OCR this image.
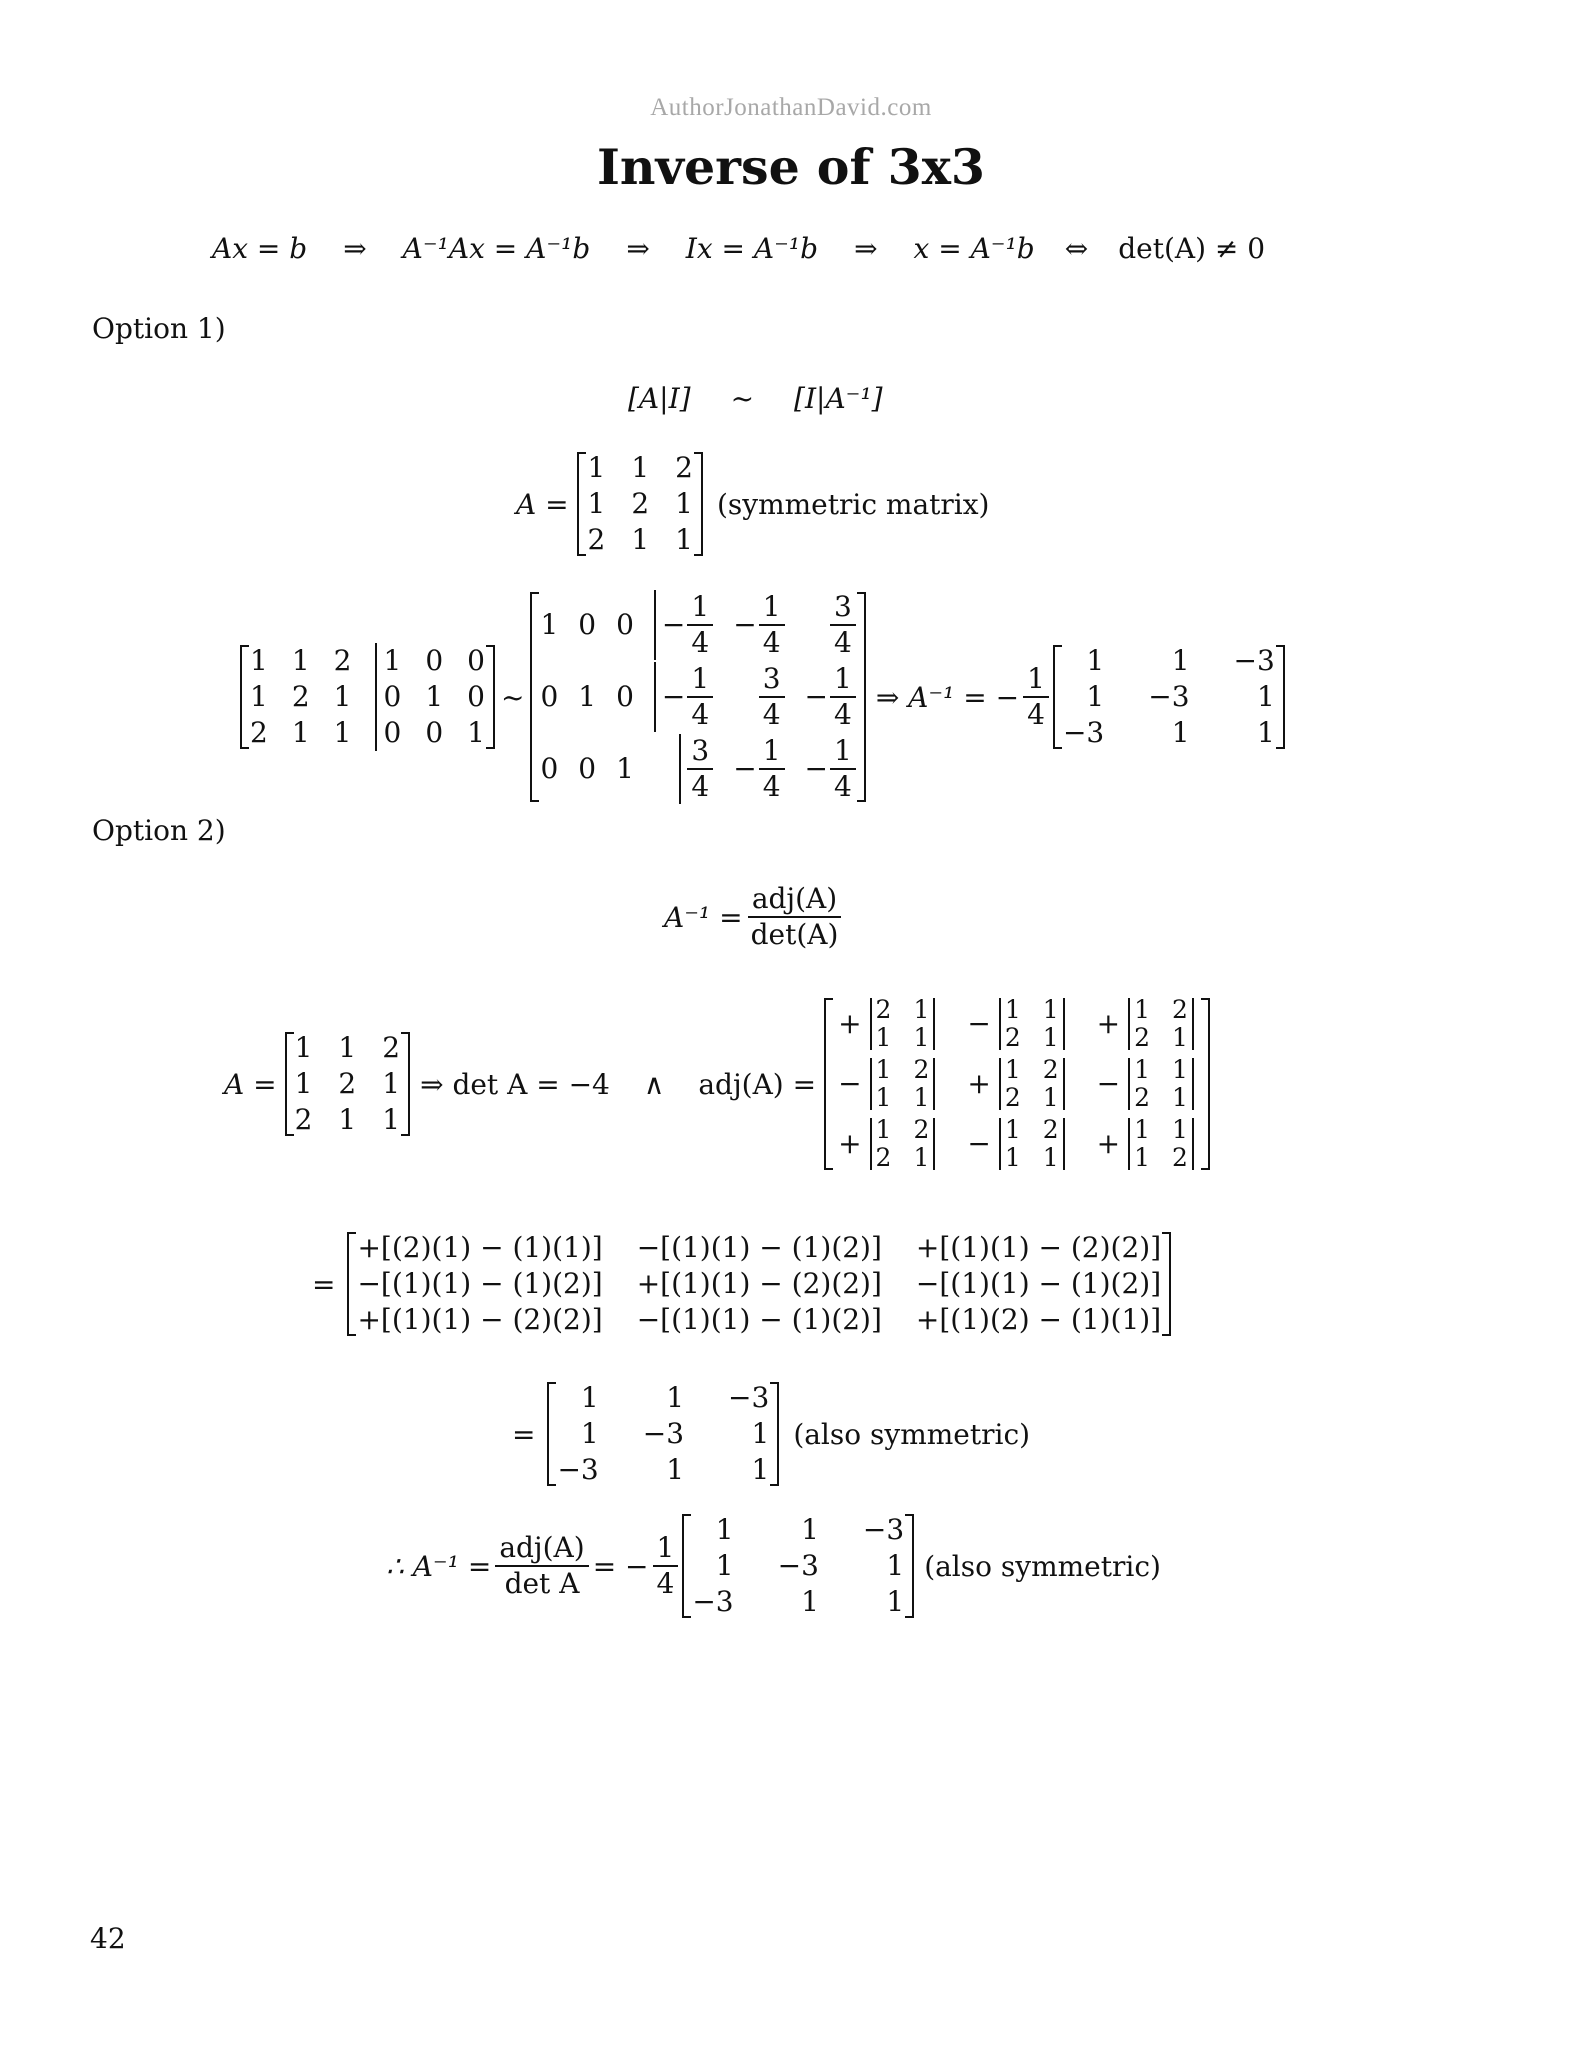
AuthorJonathanDavid.com
Inverse of 3x3
Ax = b ⇒ A⁻¹Ax = A⁻¹b ⇒ Ix = A⁻¹b ⇒ x = A⁻¹b ⇔ det(A) ≠ 0
Option 1)
[A|I] ~ [I|A⁻¹]
A =
1 1 2
1 2 1
2 1 1
(symmetric matrix)
1 1 2 1 0 0
1 2 1 0 1 0
2 1 1 0 0 1
~
1 0 $0 - \frac{1}{4} - \frac{1}{4} \frac{3}{4}$
0 1 $0 - \frac{1}{4} \frac{3}{4} - \frac{1}{4}$
0 0 $1 \frac{3}{4} - \frac{1}{4} - \frac{1}{4}$
⇒ A⁻¹ = − $\frac{1}{4}$
1 1 −3
1 −3 1
−3 1 1
Option 2)
$A^{-1} = \frac{\text{adj(A)}}{\det(A)}$
A =
1 1 2
1 2 1
2 1 1
⇒ det A = −4 ∧ adj(A) =
+ 2 1
1 1 − 1 1
2 1 + 1 2
2 1
− 1 2
1 1 + 1 2
2 1 − 1 1
2 1
+ 1 2
2 1 − 1 2
1 1 + 1 1
1 2
=
+[(2)(1) − (1)(1)] −[(1)(1) − (1)(2)] +[(1)(1) − (2)(2)]
−[(1)(1) − (1)(2)] +[(1)(1) − (2)(2)] −[(1)(1) − (1)(2)]
+[(1)(1) − (2)(2)] −[(1)(1) − (1)(2)] +[(1)(2) − (1)(1)]
=
1 1 −3
1 −3 1
−3 1 1
(also symmetric)
∴ $A^{-1} = \frac{\text{adj(A)}}{\text{det A}}$ = − $\frac{1}{4}$
1 1 −3
1 −3 1
−3 1 1
(also symmetric)
42
